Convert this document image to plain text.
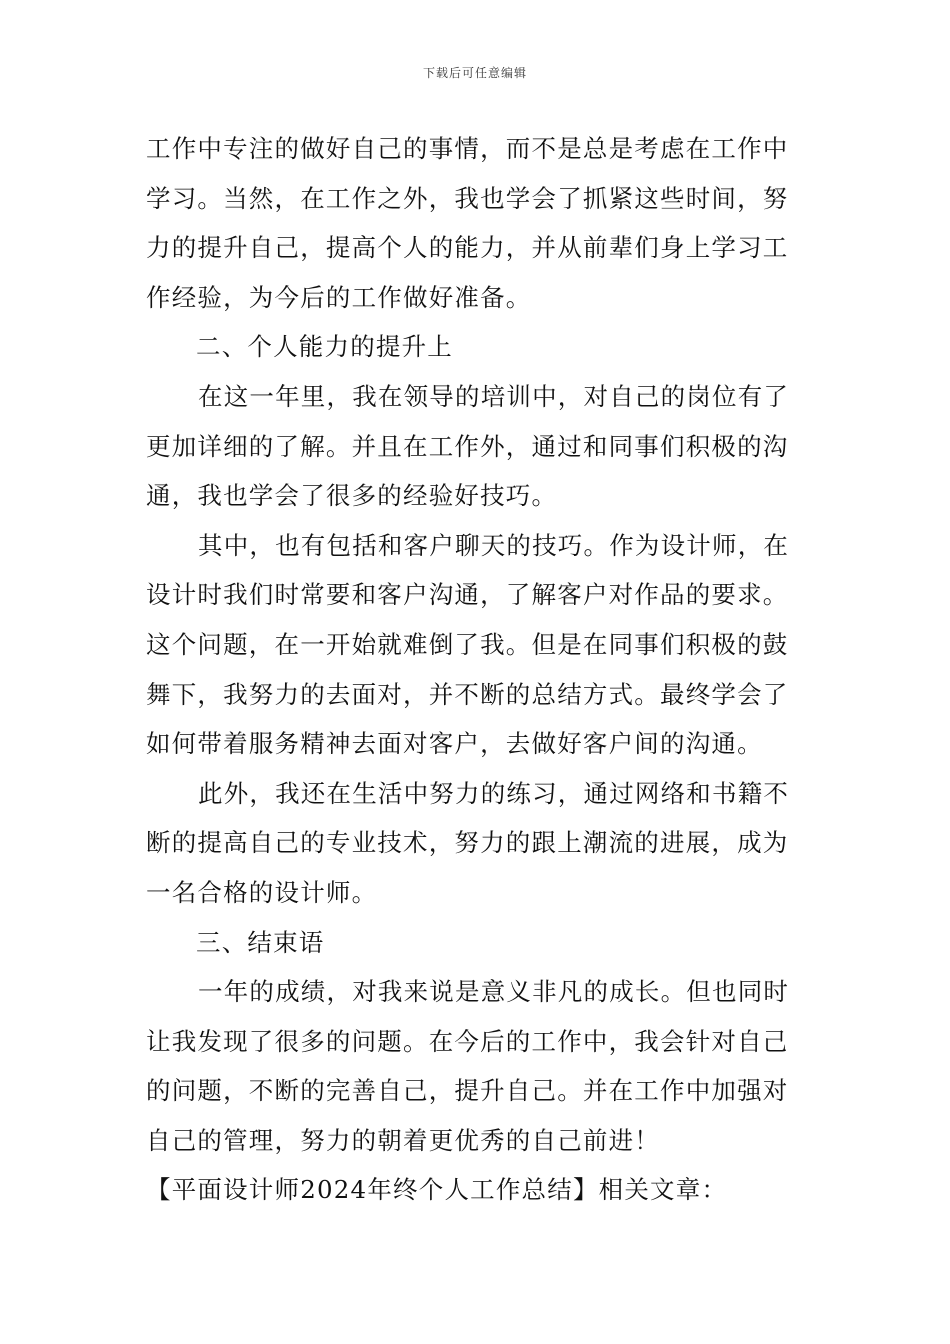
下载后可任意编辑
工作中专注的做好自己的事情，而不是总是考虑在工作中
学习。当然，在工作之外，我也学会了抓紧这些时间，努
力的提升自己，提高个人的能力，并从前辈们身上学习工
作经验，为今后的工作做好准备。
二、个人能力的提升上
在这一年里，我在领导的培训中，对自己的岗位有了
更加详细的了解。并且在工作外，通过和同事们积极的沟
通，我也学会了很多的经验好技巧。
其中，也有包括和客户聊天的技巧。作为设计师，在
设计时我们时常要和客户沟通，了解客户对作品的要求。
这个问题，在一开始就难倒了我。但是在同事们积极的鼓
舞下，我努力的去面对，并不断的总结方式。最终学会了
如何带着服务精神去面对客户，去做好客户间的沟通。
此外，我还在生活中努力的练习，通过网络和书籍不
断的提高自己的专业技术，努力的跟上潮流的进展，成为
一名合格的设计师。
三、结束语
一年的成绩，对我来说是意义非凡的成长。但也同时
让我发现了很多的问题。在今后的工作中，我会针对自己
的问题，不断的完善自己，提升自己。并在工作中加强对
自己的管理，努力的朝着更优秀的自己前进！
【平面设计师2024年终个人工作总结】相关文章：
